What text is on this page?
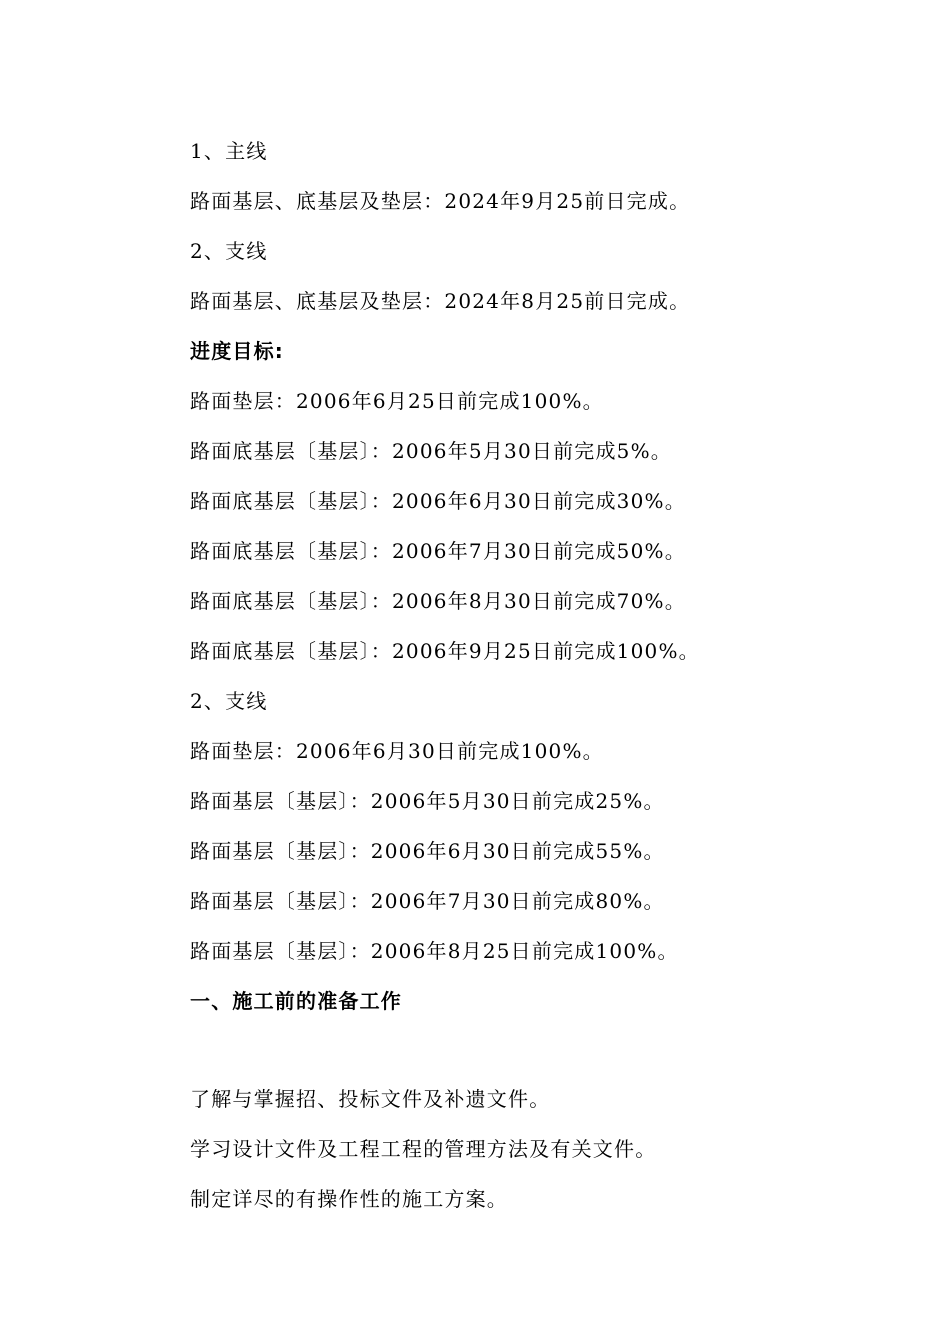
1、主线
路面基层、底基层及垫层：2024年9月25前日完成。
2、支线
路面基层、底基层及垫层：2024年8月25前日完成。
进度目标:
路面垫层：2006年6月25日前完成100%。
路面底基层〔基层〕：2006年5月30日前完成5%。
路面底基层〔基层〕：2006年6月30日前完成30%。
路面底基层〔基层〕：2006年7月30日前完成50%。
路面底基层〔基层〕：2006年8月30日前完成70%。
路面底基层〔基层〕：2006年9月25日前完成100%。
2、支线
路面垫层：2006年6月30日前完成100%。
路面基层〔基层〕：2006年5月30日前完成25%。
路面基层〔基层〕：2006年6月30日前完成55%。
路面基层〔基层〕：2006年7月30日前完成80%。
路面基层〔基层〕：2006年8月25日前完成100%。
一、施工前的准备工作
了解与掌握招、投标文件及补遗文件。
学习设计文件及工程工程的管理方法及有关文件。
制定详尽的有操作性的施工方案。
